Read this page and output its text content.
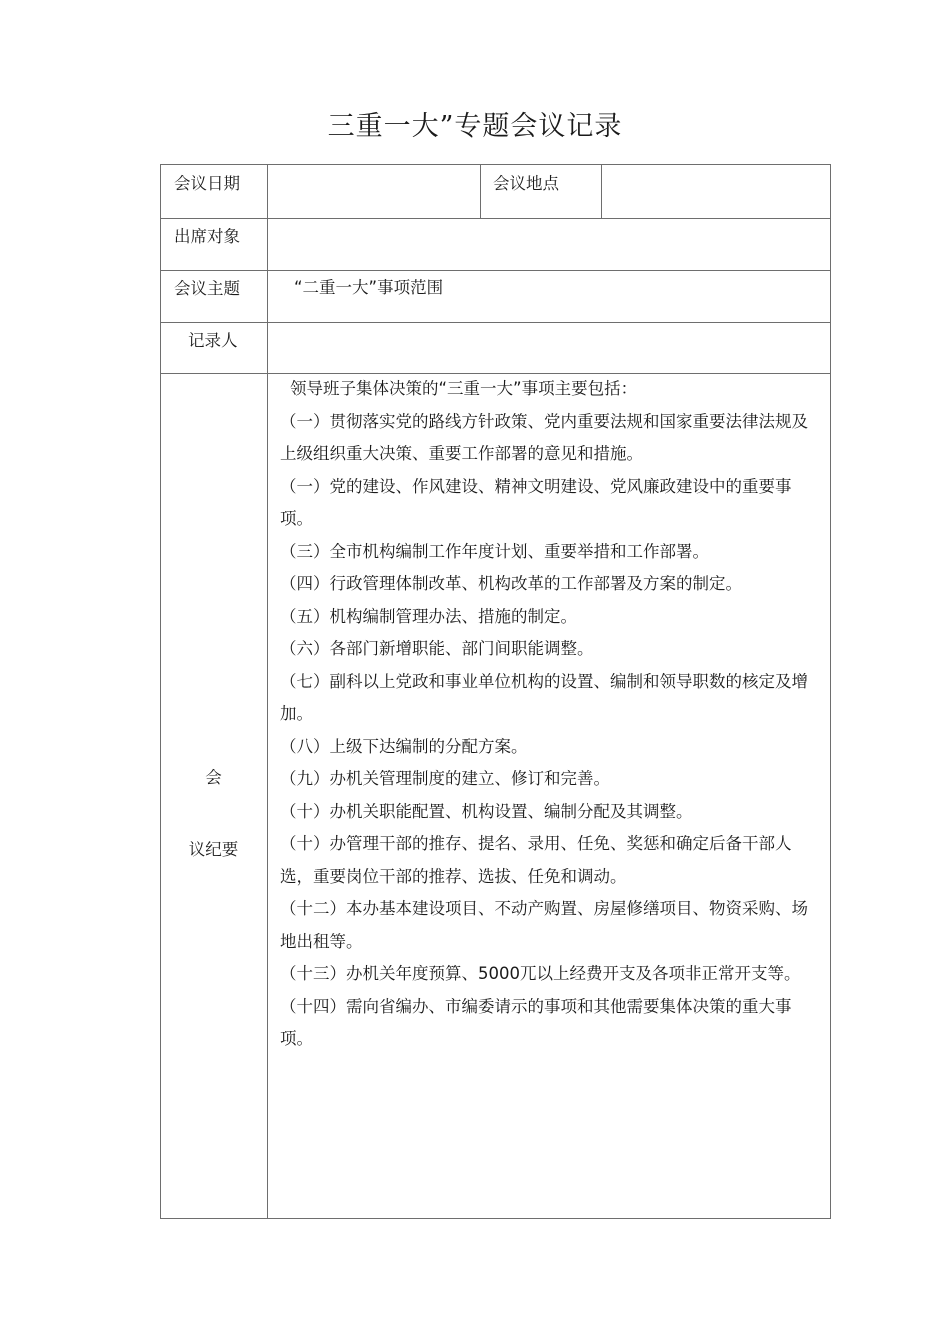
三重一大”专题会议记录
会议日期	会议地点
出席对象
会议主题	“二重一大”事项范围
记录人
会
议纪要
领导班子集体决策的“三重一大”事项主要包括：
（一）贯彻落实党的路线方针政策、党内重要法规和国家重要法律法规及上级组织重大决策、重要工作部署的意见和措施。
（一）党的建设、作风建设、精神文明建设、党风廉政建设中的重要事项。
（三）全市机构编制工作年度计划、重要举措和工作部署。
（四）行政管理体制改革、机构改革的工作部署及方案的制定。
（五）机构编制管理办法、措施的制定。
（六）各部门新增职能、部门间职能调整。
（七）副科以上党政和事业单位机构的设置、编制和领导职数的核定及增加。
（八）上级下达编制的分配方案。
（九）办机关管理制度的建立、修订和完善。
（十）办机关职能配置、机构设置、编制分配及其调整。
（十）办管理干部的推存、提名、录用、任免、奖惩和确定后备干部人选，重要岗位干部的推荐、选拔、任免和调动。
（十二）本办基本建设项目、不动产购置、房屋修缮项目、物资采购、场地出租等。
（十三）办机关年度预算、5000兀以上经费开支及各项非正常开支等。
（十四）需向省编办、市编委请示的事项和其他需要集体决策的重大事项。
